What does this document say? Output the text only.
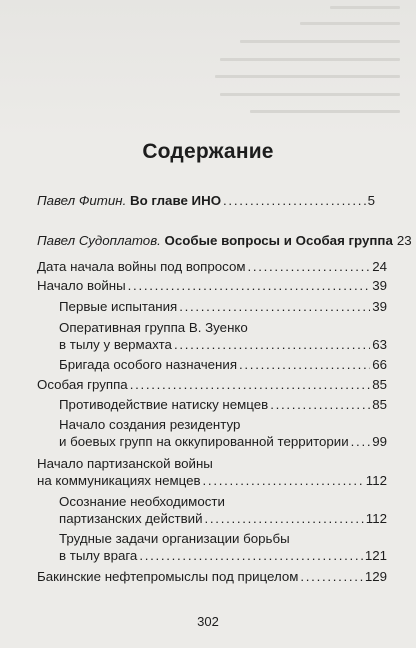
Содержание
Павел Фитин. Во главе ИНО . . .	5
Павел Судоплатов. Особые вопросы и Особая группа 23
Дата начала войны под вопросом . . .	24
Начало войны . . .	39
Первые испытания . . .	39
Оперативная группа В. Зуенко
в тылу у вермахта . . .	63
Бригада особого назначения . . .	66
Особая группа . . .	85
Противодействие натиску немцев . . .	85
Начало создания резидентур
и боевых групп на оккупированной территории . . . 99
Начало партизанской войны
на коммуникациях немцев . . .	112
Осознание необходимости
партизанских действий . . .	112
Трудные задачи организации борьбы
в тылу врага . . .	121
Бакинские нефтепромыслы под прицелом . . .	129
302
